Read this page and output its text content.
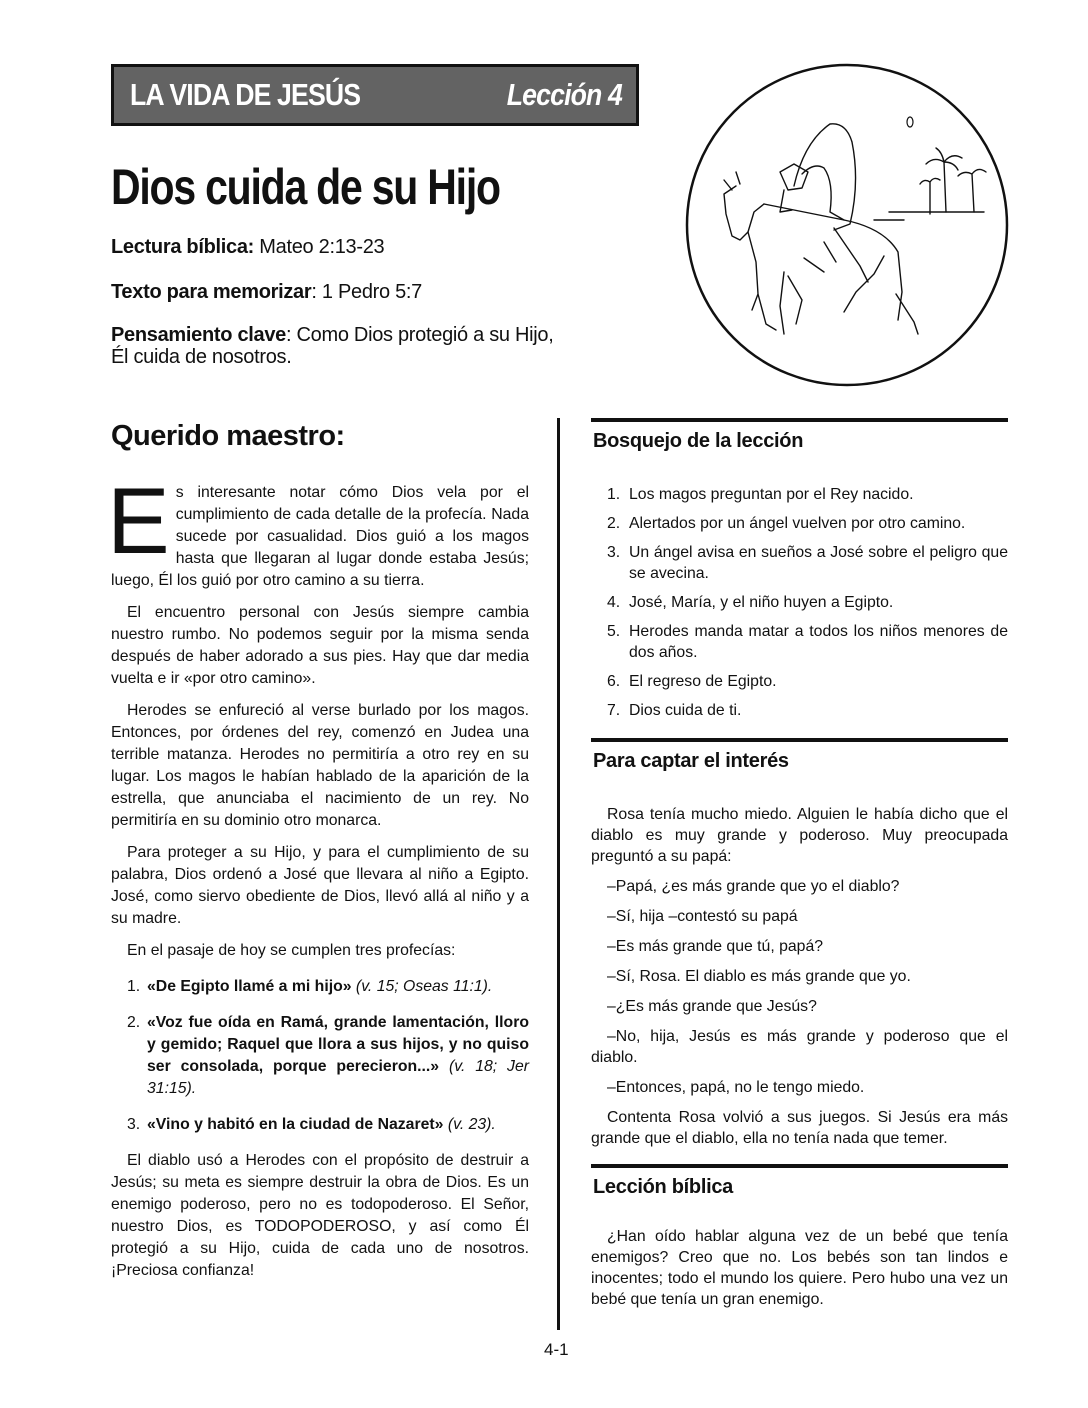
LA VIDA DE JESÚS	Lección 4
Dios cuida de su Hijo
Lectura bíblica: Mateo 2:13-23
Texto para memorizar: 1 Pedro 5:7
Pensamiento clave: Como Dios protegió a su Hijo,
Él cuida de nosotros.
Querido maestro:

Es interesante notar cómo Dios vela por el cumplimiento de cada detalle de la profecía. Nada sucede por casualidad. Dios guió a los magos hasta que llegaran al lugar donde estaba Jesús; luego, Él los guió por otro camino a su tierra.

El encuentro personal con Jesús siempre cambia nuestro rumbo. No podemos seguir por la misma senda después de haber adorado a sus pies. Hay que dar media vuelta e ir «por otro camino».

Herodes se enfureció al verse burlado por los magos. Entonces, por órdenes del rey, comenzó en Judea una terrible matanza. Herodes no permitiría a otro rey en su lugar. Los magos le habían hablado de la aparición de la estrella, que anunciaba el nacimiento de un rey. No permitiría en su dominio otro monarca.

Para proteger a su Hijo, y para el cumplimiento de su palabra, Dios ordenó a José que llevara al niño a Egipto. José, como siervo obediente de Dios, llevó allá al niño y a su madre.

En el pasaje de hoy se cumplen tres profecías:

1. «De Egipto llamé a mi hijo» (v. 15; Oseas 11:1).
2. «Voz fue oída en Ramá, grande lamentación, lloro y gemido; Raquel que llora a sus hijos, y no quiso ser consolada, porque perecieron...» (v. 18; Jer 31:15).
3. «Vino y habitó en la ciudad de Nazaret» (v. 23).

El diablo usó a Herodes con el propósito de destruir a Jesús; su meta es siempre destruir la obra de Dios. Es un enemigo poderoso, pero no es todopoderoso. El Señor, nuestro Dios, es TODOPODEROSO, y así como Él protegió a su Hijo, cuida de cada uno de nosotros. ¡Preciosa confianza!

Bosquejo de la lección
1. Los magos preguntan por el Rey nacido.
2. Alertados por un ángel vuelven por otro camino.
3. Un ángel avisa en sueños a José sobre el peligro que se avecina.
4. José, María, y el niño huyen a Egipto.
5. Herodes manda matar a todos los niños menores de dos años.
6. El regreso de Egipto.
7. Dios cuida de ti.
Para captar el interés

Rosa tenía mucho miedo. Alguien le había dicho que el diablo es muy grande y poderoso. Muy preocupada preguntó a su papá:

–Papá, ¿es más grande que yo el diablo?

–Sí, hija –contestó su papá

–Es más grande que tú, papá?

–Sí, Rosa. El diablo es más grande que yo.

–¿Es más grande que Jesús?

–No, hija, Jesús es más grande y poderoso que el diablo.

–Entonces, papá, no le tengo miedo.

Contenta Rosa volvió a sus juegos. Si Jesús era más grande que el diablo, ella no tenía nada que temer.

Lección bíblica

¿Han oído hablar alguna vez de un bebé que tenía enemigos? Creo que no. Los bebés son tan lindos e inocentes; todo el mundo los quiere. Pero hubo una vez un bebé que tenía un gran enemigo.

4-1
